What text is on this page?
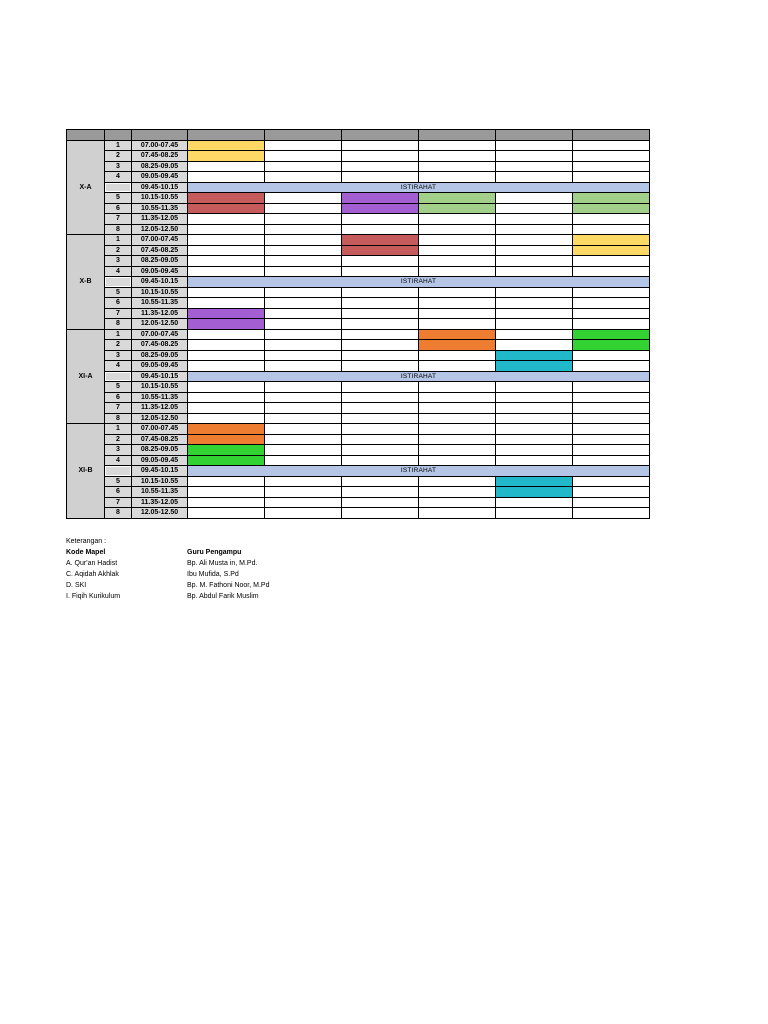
X-A	1	07.00-07.45						
	2	07.45-08.25						
	3	08.25-09.05						
	4	09.05-09.45						
		09.45-10.15	ISTIRAHAT					
	5	10.15-10.55						
	6	10.55-11.35						
	7	11.35-12.05						
	8	12.05-12.50						
X-B	1	07.00-07.45						
	2	07.45-08.25						
	3	08.25-09.05						
	4	09.05-09.45						
		09.45-10.15	ISTIRAHAT					
	5	10.15-10.55						
	6	10.55-11.35						
	7	11.35-12.05						
	8	12.05-12.50						
XI-A	1	07.00-07.45						
	2	07.45-08.25						
	3	08.25-09.05						
	4	09.05-09.45						
		09.45-10.15	ISTIRAHAT					
	5	10.15-10.55						
	6	10.55-11.35						
	7	11.35-12.05						
	8	12.05-12.50						
XI-B	1	07.00-07.45						
	2	07.45-08.25						
	3	08.25-09.05						
	4	09.05-09.45						
		09.45-10.15	ISTIRAHAT					
	5	10.15-10.55						
	6	10.55-11.35						
	7	11.35-12.05						
	8	12.05-12.50						
Keterangan :
Kode Mapel	Guru Pengampu
A. Qur'an Hadist	Bp. Ali Musta in, M.Pd.
C. Aqidah Akhlak	Ibu Mufida, S.Pd
D. SKI	Bp. M. Fathoni Noor, M.Pd
I. Fiqih Kurikulum	Bp. Abdul Farik Muslim
